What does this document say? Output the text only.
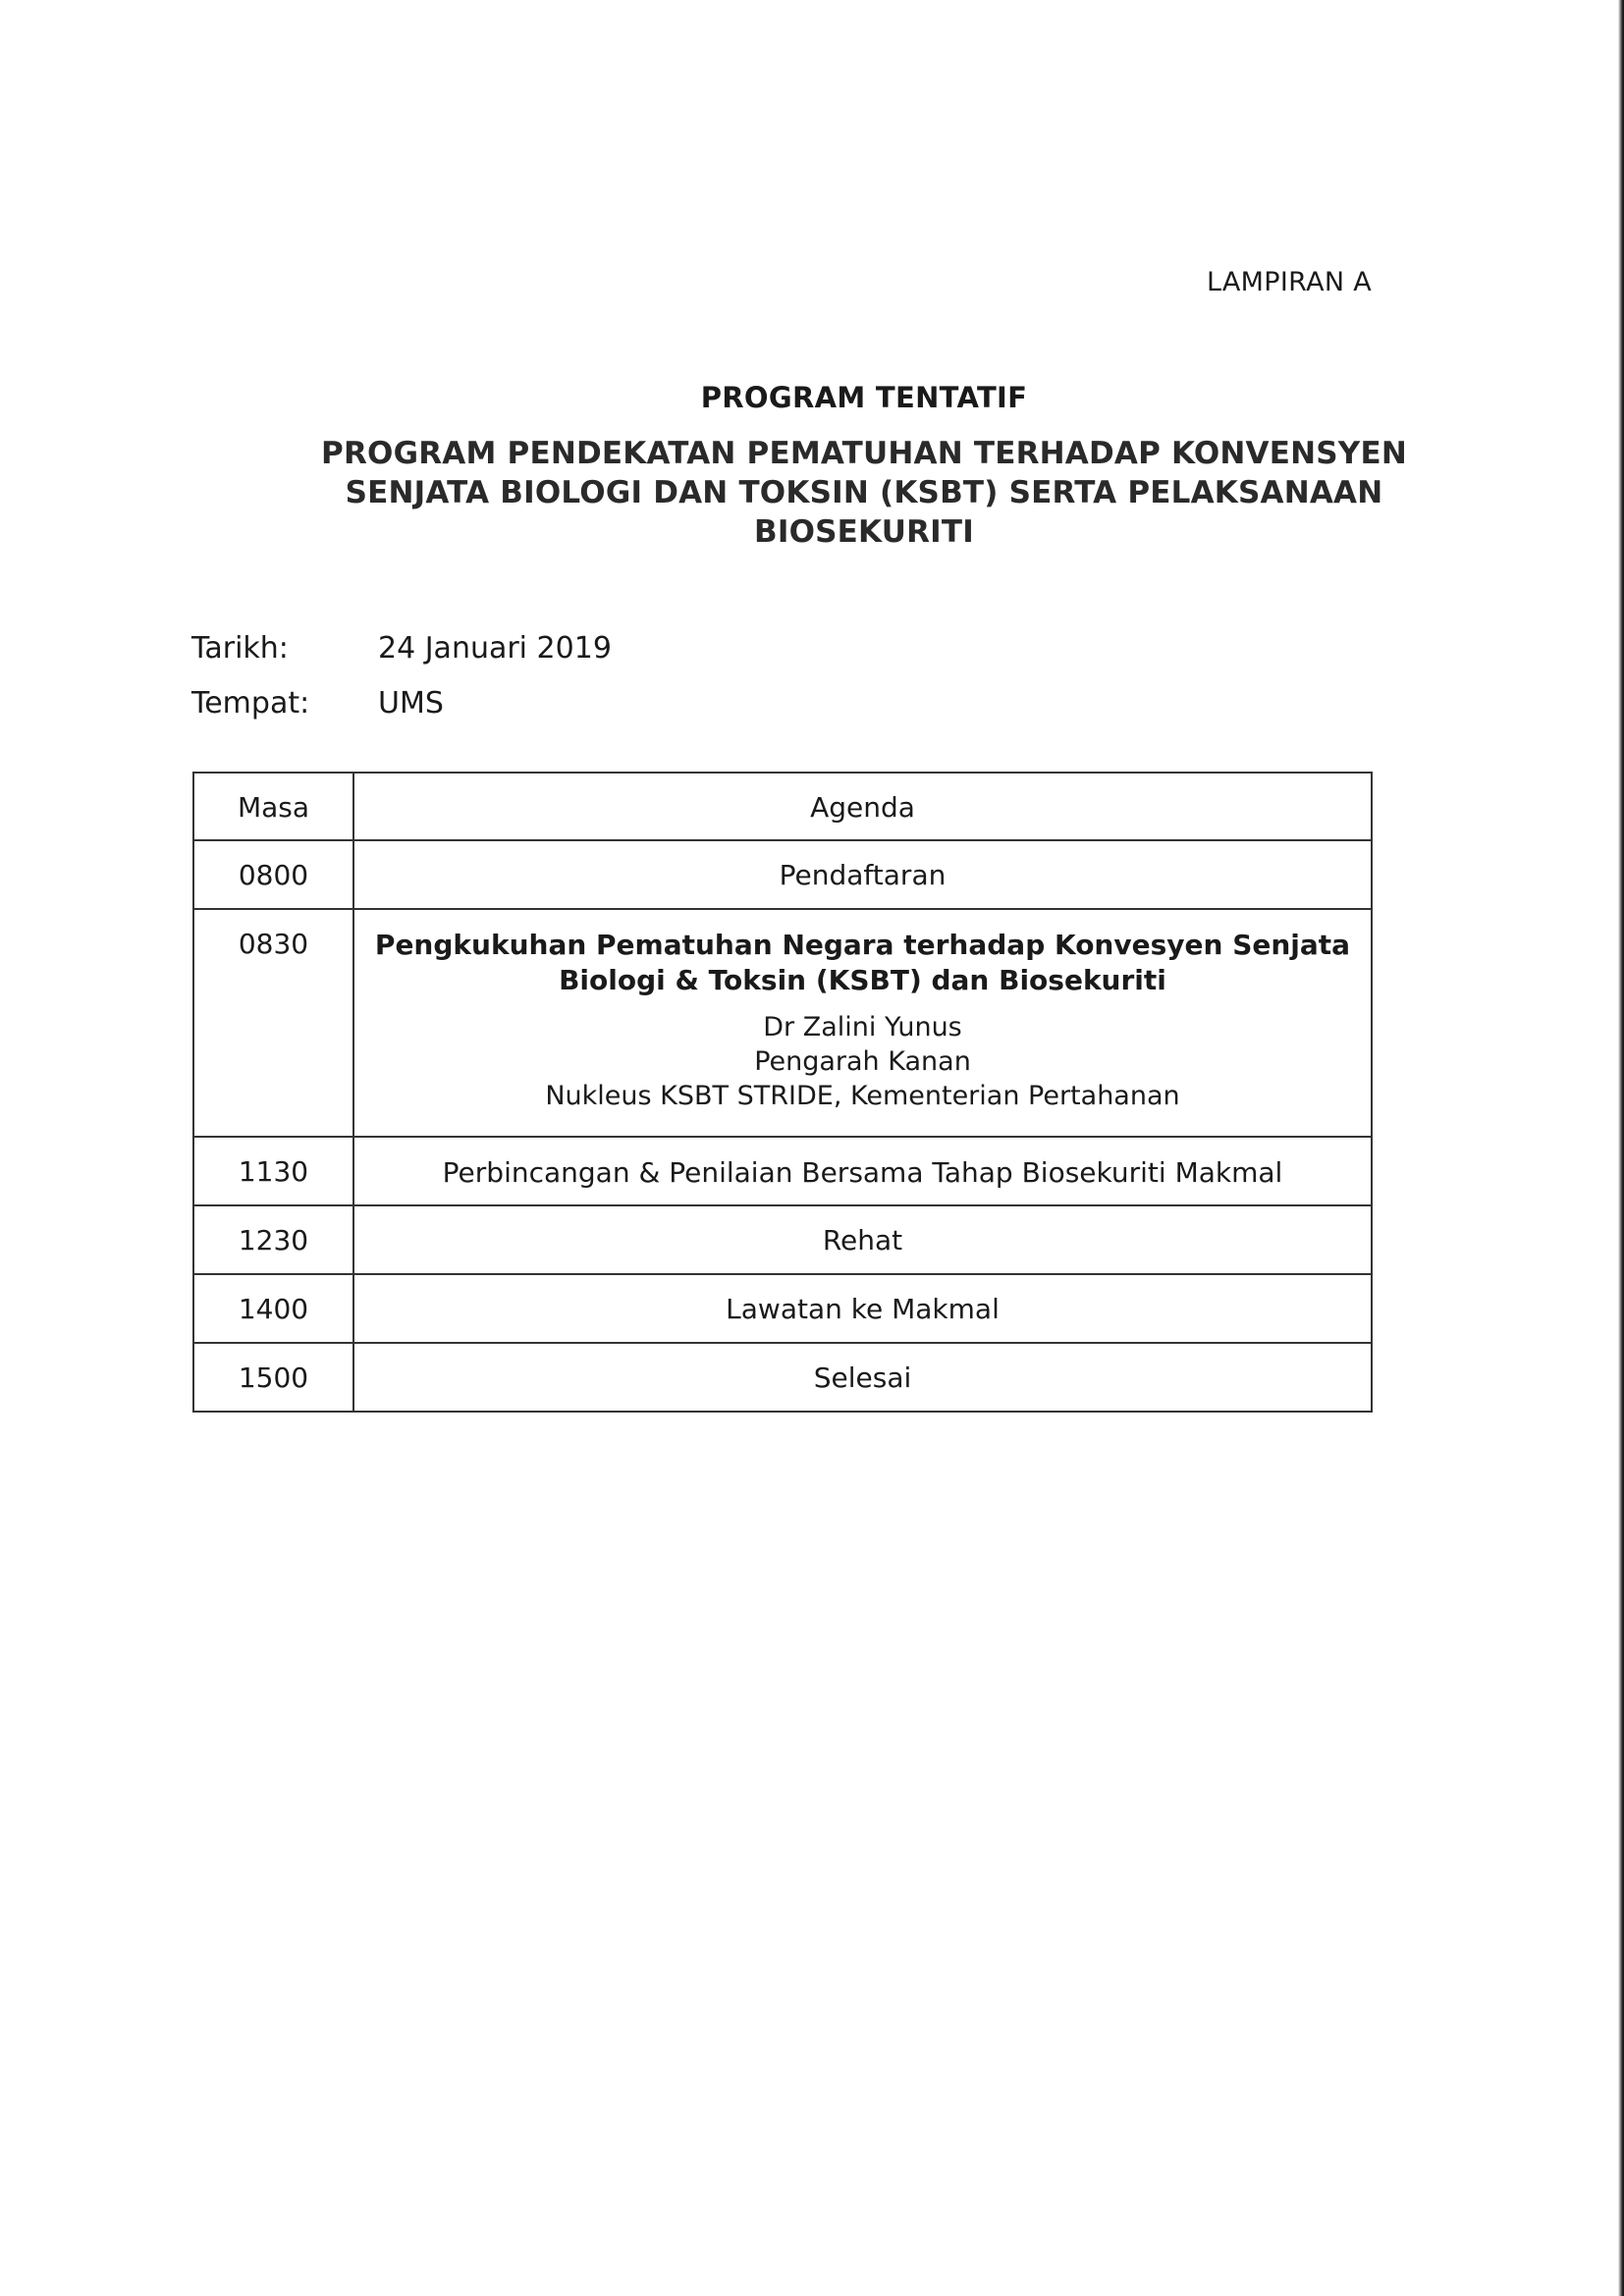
LAMPIRAN A
PROGRAM TENTATIF
PROGRAM PENDEKATAN PEMATUHAN TERHADAP KONVENSYEN
SENJATA BIOLOGI DAN TOKSIN (KSBT) SERTA PELAKSANAAN
BIOSEKURITI
Tarikh:	24 Januari 2019
Tempat:	UMS
Masa	Agenda
0800	Pendaftaran
0830	Pengkukuhan Pematuhan Negara terhadap Konvesyen Senjata
Biologi & Toksin (KSBT) dan Biosekuriti
Dr Zalini Yunus
Pengarah Kanan
Nukleus KSBT STRIDE, Kementerian Pertahanan

1130	Perbincangan & Penilaian Bersama Tahap Biosekuriti Makmal
1230	Rehat
1400	Lawatan ke Makmal
1500	Selesai
